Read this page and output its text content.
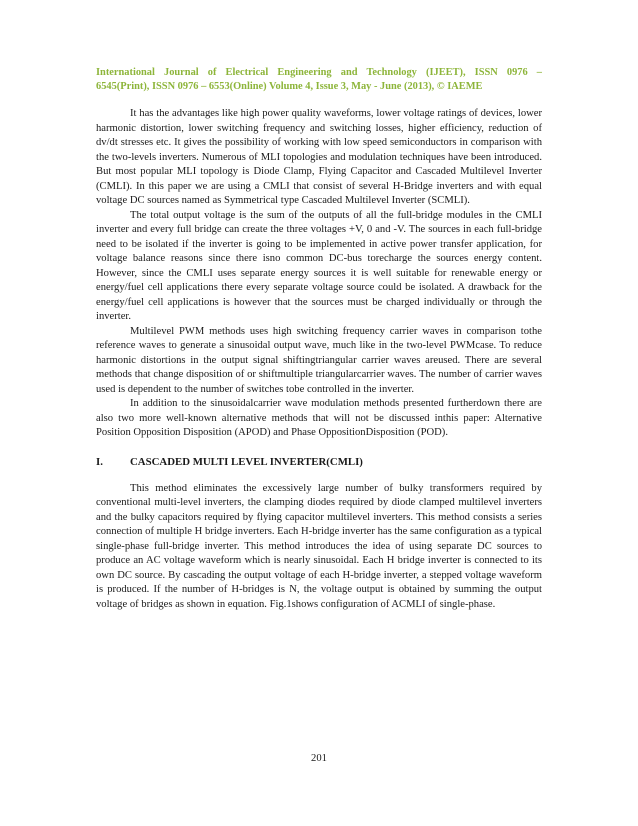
International Journal of Electrical Engineering and Technology (IJEET), ISSN 0976 –
6545(Print), ISSN 0976 – 6553(Online) Volume 4, Issue 3, May - June (2013), © IAEME

It has the advantages like high power quality waveforms, lower voltage ratings of devices, lower harmonic distortion, lower switching frequency and switching losses, higher efficiency, reduction of dv/dt stresses etc. It gives the possibility of working with low speed semiconductors in comparison with the two-levels inverters. Numerous of MLI topologies and modulation techniques have been introduced. But most popular MLI topology is Diode Clamp, Flying Capacitor and Cascaded Multilevel Inverter (CMLI). In this paper we are using a CMLI that consist of several H-Bridge inverters and with equal voltage DC sources named as Symmetrical type Cascaded Multilevel Inverter (SCMLI).

The total output voltage is the sum of the outputs of all the full-bridge modules in the CMLI inverter and every full bridge can create the three voltages +V, 0 and -V. The sources in each full-bridge need to be isolated if the inverter is going to be implemented in active power transfer application, for voltage balance reasons since there isno common DC-bus torecharge the sources energy content. However, since the CMLI uses separate energy sources it is well suitable for renewable energy or energy/fuel cell applications there every separate voltage source could be isolated. A drawback for the energy/fuel cell applications is however that the sources must be charged individually or through the inverter.

Multilevel PWM methods uses high switching frequency carrier waves in comparison tothe reference waves to generate a sinusoidal output wave, much like in the two-level PWMcase. To reduce harmonic distortions in the output signal shiftingtriangular carrier waves areused. There are several methods that change disposition of or shiftmultiple triangularcarrier waves. The number of carrier waves used is dependent to the number of switches tobe controlled in the inverter.

In addition to the sinusoidalcarrier wave modulation methods presented furtherdown there are also two more well-known alternative methods that will not be discussed inthis paper: Alternative Position Opposition Disposition (APOD) and Phase OppositionDisposition (POD).

I.	CASCADED MULTI LEVEL INVERTER(CMLI)

This method eliminates the excessively large number of bulky transformers required by conventional multi-level inverters, the clamping diodes required by diode clamped multilevel inverters and the bulky capacitors required by flying capacitor multilevel inverters. This method consists a series connection of multiple H bridge inverters. Each H-bridge inverter has the same configuration as a typical single-phase full-bridge inverter. This method introduces the idea of using separate DC sources to produce an AC voltage waveform which is nearly sinusoidal. Each H bridge inverter is connected to its own DC source. By cascading the output voltage of each H-bridge inverter, a stepped voltage waveform is produced. If the number of H-bridges is N, the voltage output is obtained by summing the output voltage of bridges as shown in equation. Fig.1shows configuration of ACMLI of single-phase.

201
